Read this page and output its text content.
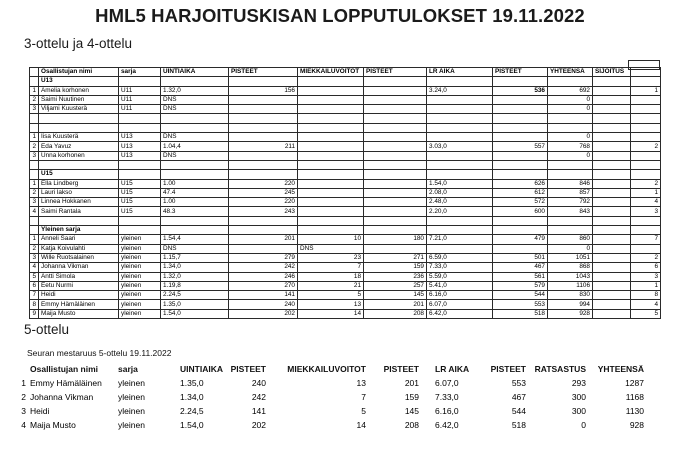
HML5 HARJOITUSKISAN LOPPUTULOKSET 19.11.2022
3-ottelu ja 4-ottelu
	Osallistujan nimi	sarja	UINTIAIKA	PISTEET	MIEKKAILUVOITOT	PISTEET	LR AIKA	PISTEET	YHTEENSÄ	SIJOITUS	
	U13										
1	Amelia korhonen	U11	1.32,0	156			3.24,0	536	692		1
2	Saimi Nuutinen	U11	DNS						0		
3	Viljami Kuusterä	U11	DNS						0		

1	Iisa Kuusterä	U13	DNS						0		
2	Eda Yavuz	U13	1.04,4	211			3.03,0	557	768		2
3	Unna korhonen	U13	DNS						0		

	U15										
1	Ella Lindberg	U15	1.00	220			1.54,0	626	846		2
2	Lauri lakso	U15	47.4	245			2.08,0	612	857		1
3	Linnea Hokkanen	U15	1.00	220			2.48,0	572	792		4
4	Saimi Rantala	U15	48.3	243			2.20,0	600	843		3

	Yleinen sarja										
1	Anneli Saari	yleinen	1.54,4	201	10	180	7.21,0	479	860		7
2	Katja Koivulahti	yleinen	DNS		DNS				0		
3	Wille Ruotsalainen	yleinen	1.15,7	279	23	271	6.59,0	501	1051		2
4	Johanna Vikman	yleinen	1.34,0	242	7	159	7.33,0	467	868		6
5	Antti Simola	yleinen	1.32,0	246	18	236	5.59,0	561	1043		3
6	Eetu Nurmi	yleinen	1.19,8	270	21	257	5.41,0	579	1106		1
7	Heidi	yleinen	2.24,5	141	5	145	6.16,0	544	830		8
8	Emmy Hämäläinen	yleinen	1.35,0	240	13	201	6.07,0	553	994		4
9	Maija Musto	yleinen	1.54,0	202	14	208	6.42,0	518	928		5
5-ottelu
Seuran mestaruus 5-ottelu 19.11.2022
	Osallistujan nimi	sarja	UINTIAIKA	PISTEET	MIEKKAILUVOITOT	PISTEET	LR AIKA	PISTEET	RATSASTUS	YHTEENSÄ
1	Emmy Hämäläinen	yleinen	1.35,0	240	13	201	6.07,0	553	293	1287
2	Johanna Vikman	yleinen	1.34,0	242	7	159	7.33,0	467	300	1168
3	Heidi	yleinen	2.24,5	141	5	145	6.16,0	544	300	1130
4	Maija Musto	yleinen	1.54,0	202	14	208	6.42,0	518	0	928
